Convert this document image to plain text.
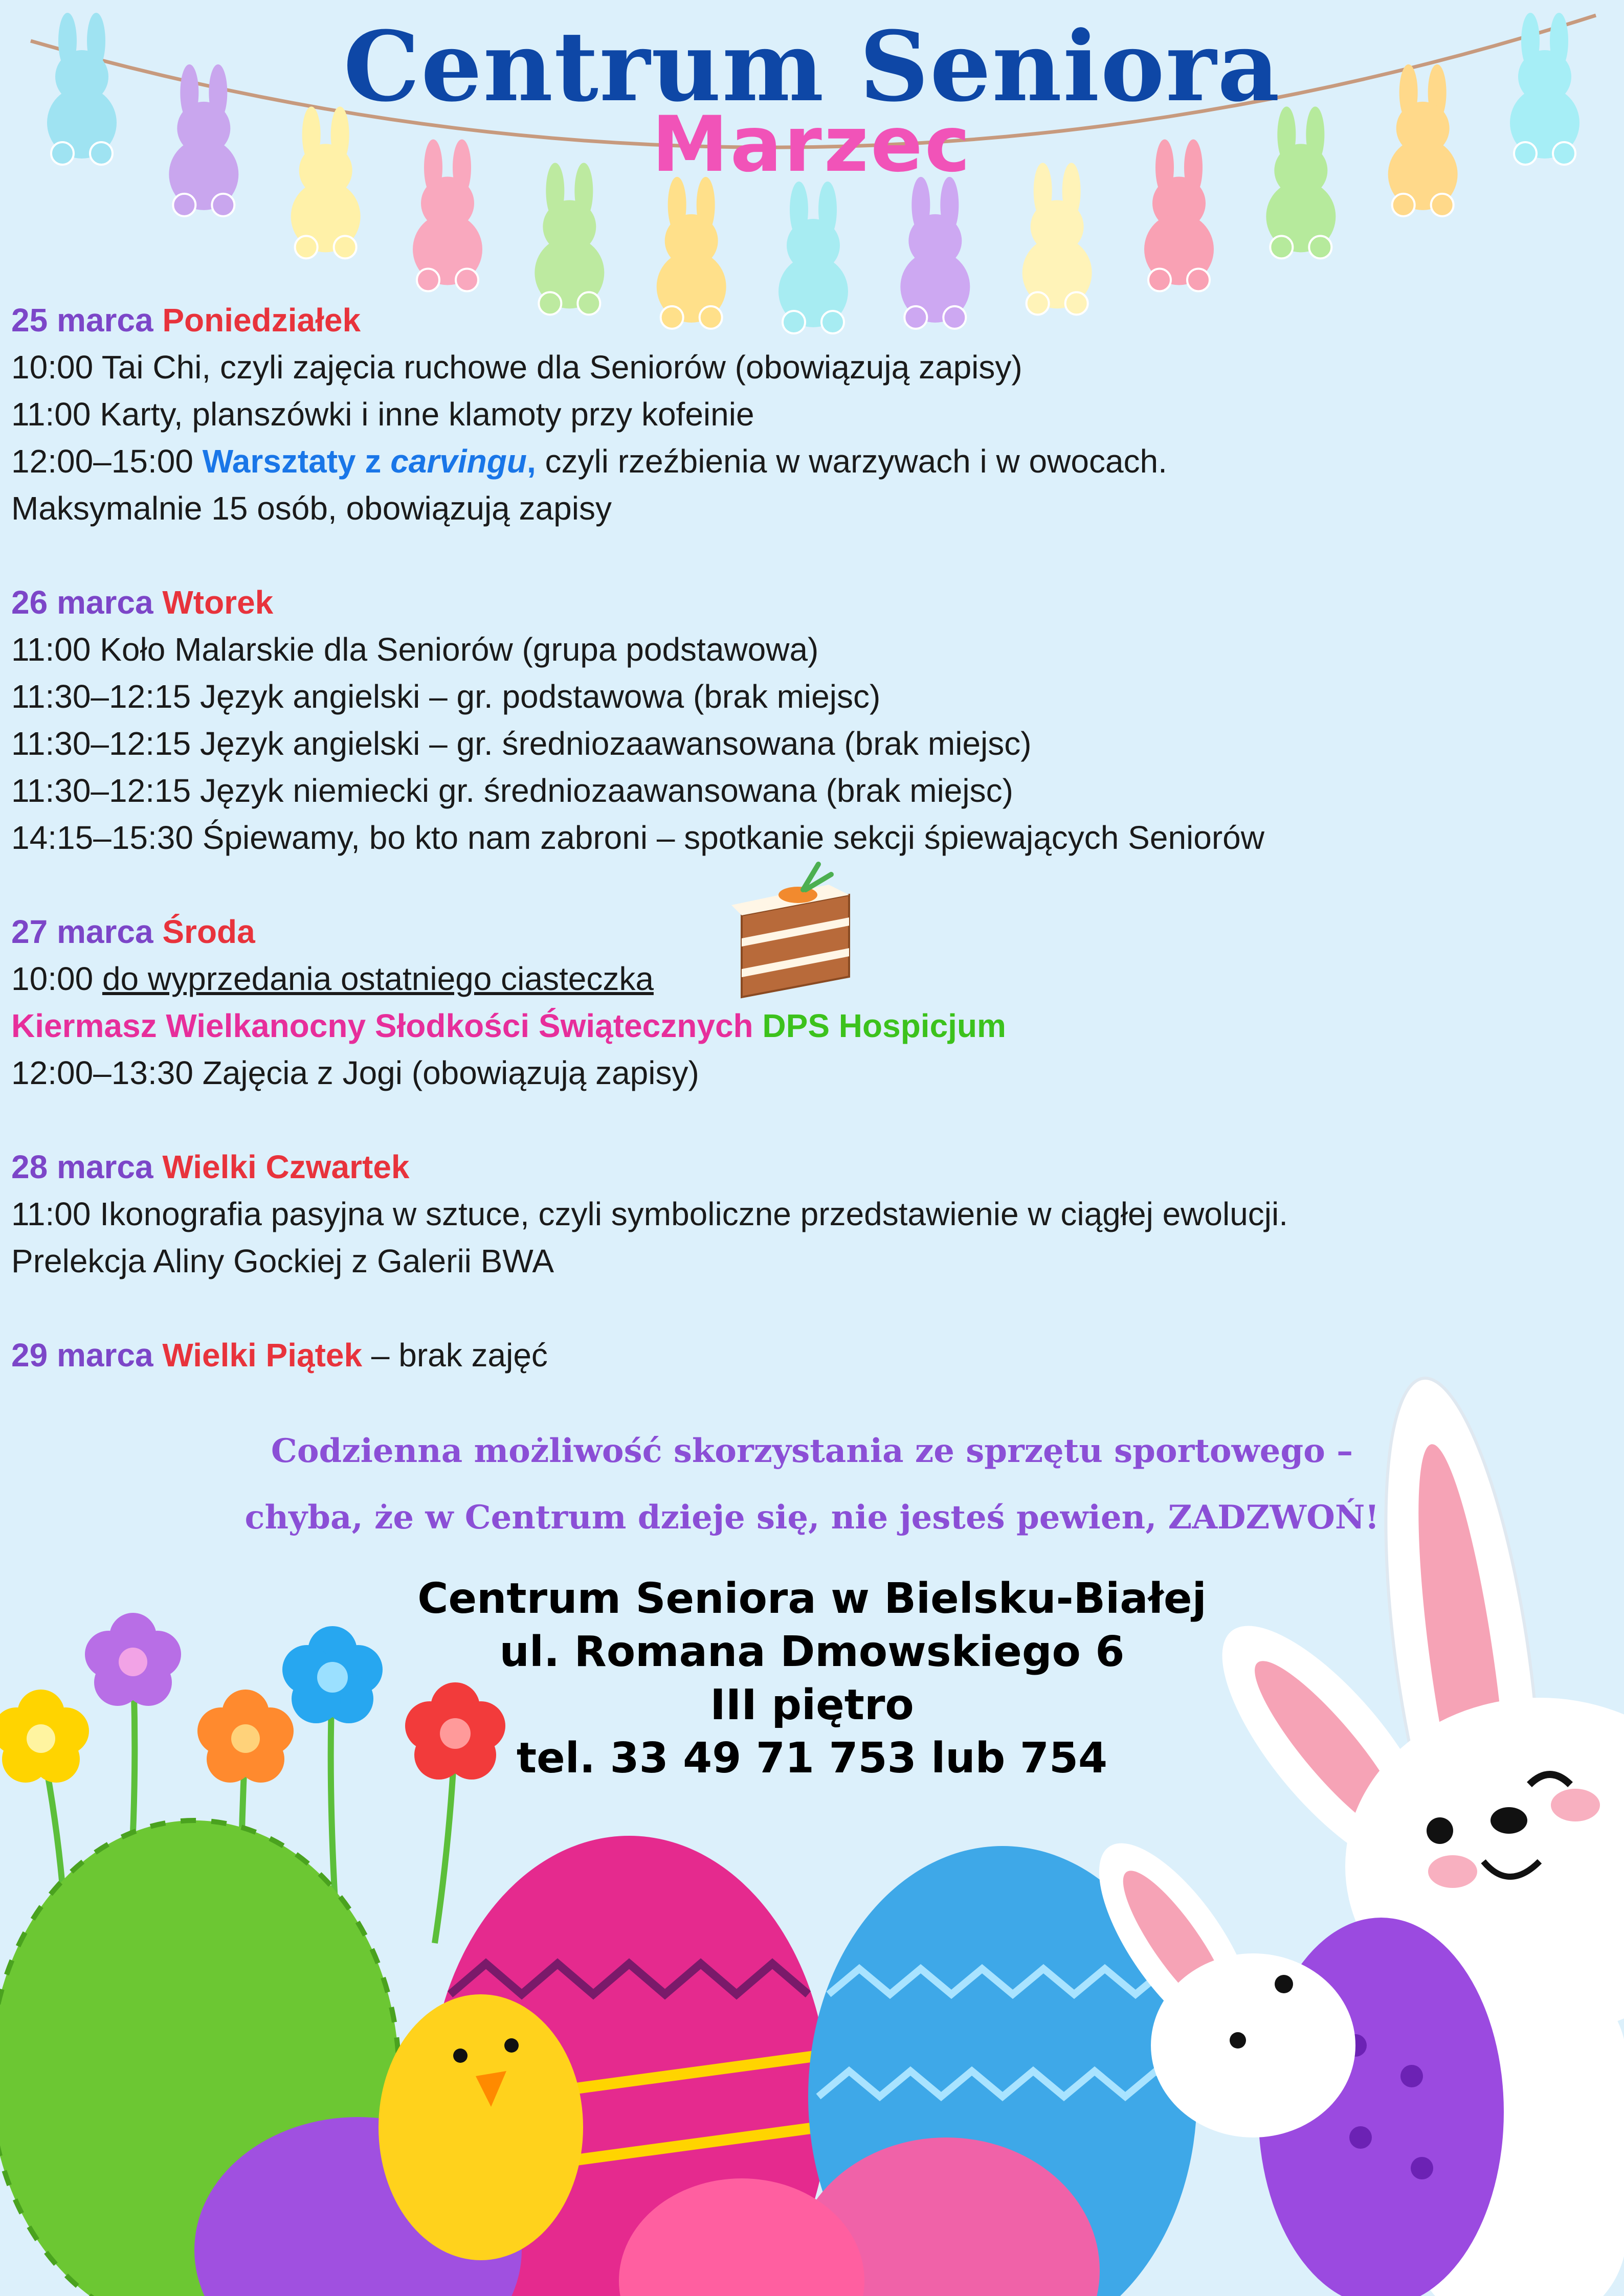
Centrum Seniora
Marzec
25 marca Poniedziałek
10:00 Tai Chi, czyli zajęcia ruchowe dla Seniorów (obowiązują zapisy)
11:00 Karty, planszówki i inne klamoty przy kofeinie
12:00–15:00 Warsztaty z carvingu, czyli rzeźbienia w warzywach i w owocach.
Maksymalnie 15 osób, obowiązują zapisy
26 marca Wtorek
11:00 Koło Malarskie dla Seniorów (grupa podstawowa)
11:30–12:15 Język angielski – gr. podstawowa (brak miejsc)
11:30–12:15 Język angielski – gr. średniozaawansowana (brak miejsc)
11:30–12:15 Język niemiecki gr. średniozaawansowana (brak miejsc)
14:15–15:30 Śpiewamy, bo kto nam zabroni – spotkanie sekcji śpiewających Seniorów
27 marca Środa
10:00 do wyprzedania ostatniego ciasteczka
Kiermasz Wielkanocny Słodkości Świątecznych DPS Hospicjum
12:00–13:30 Zajęcia z Jogi (obowiązują zapisy)
28 marca Wielki Czwartek
11:00 Ikonografia pasyjna w sztuce, czyli symboliczne przedstawienie w ciągłej ewolucji.
Prelekcja Aliny Gockiej z Galerii BWA
29 marca Wielki Piątek – brak zajęć
Codzienna możliwość skorzystania ze sprzętu sportowego –
chyba, że w Centrum dzieje się, nie jesteś pewien, ZADZWOŃ!
Centrum Seniora w Bielsku-Białej
ul. Romana Dmowskiego 6
III piętro
tel. 33 49 71 753 lub 754
